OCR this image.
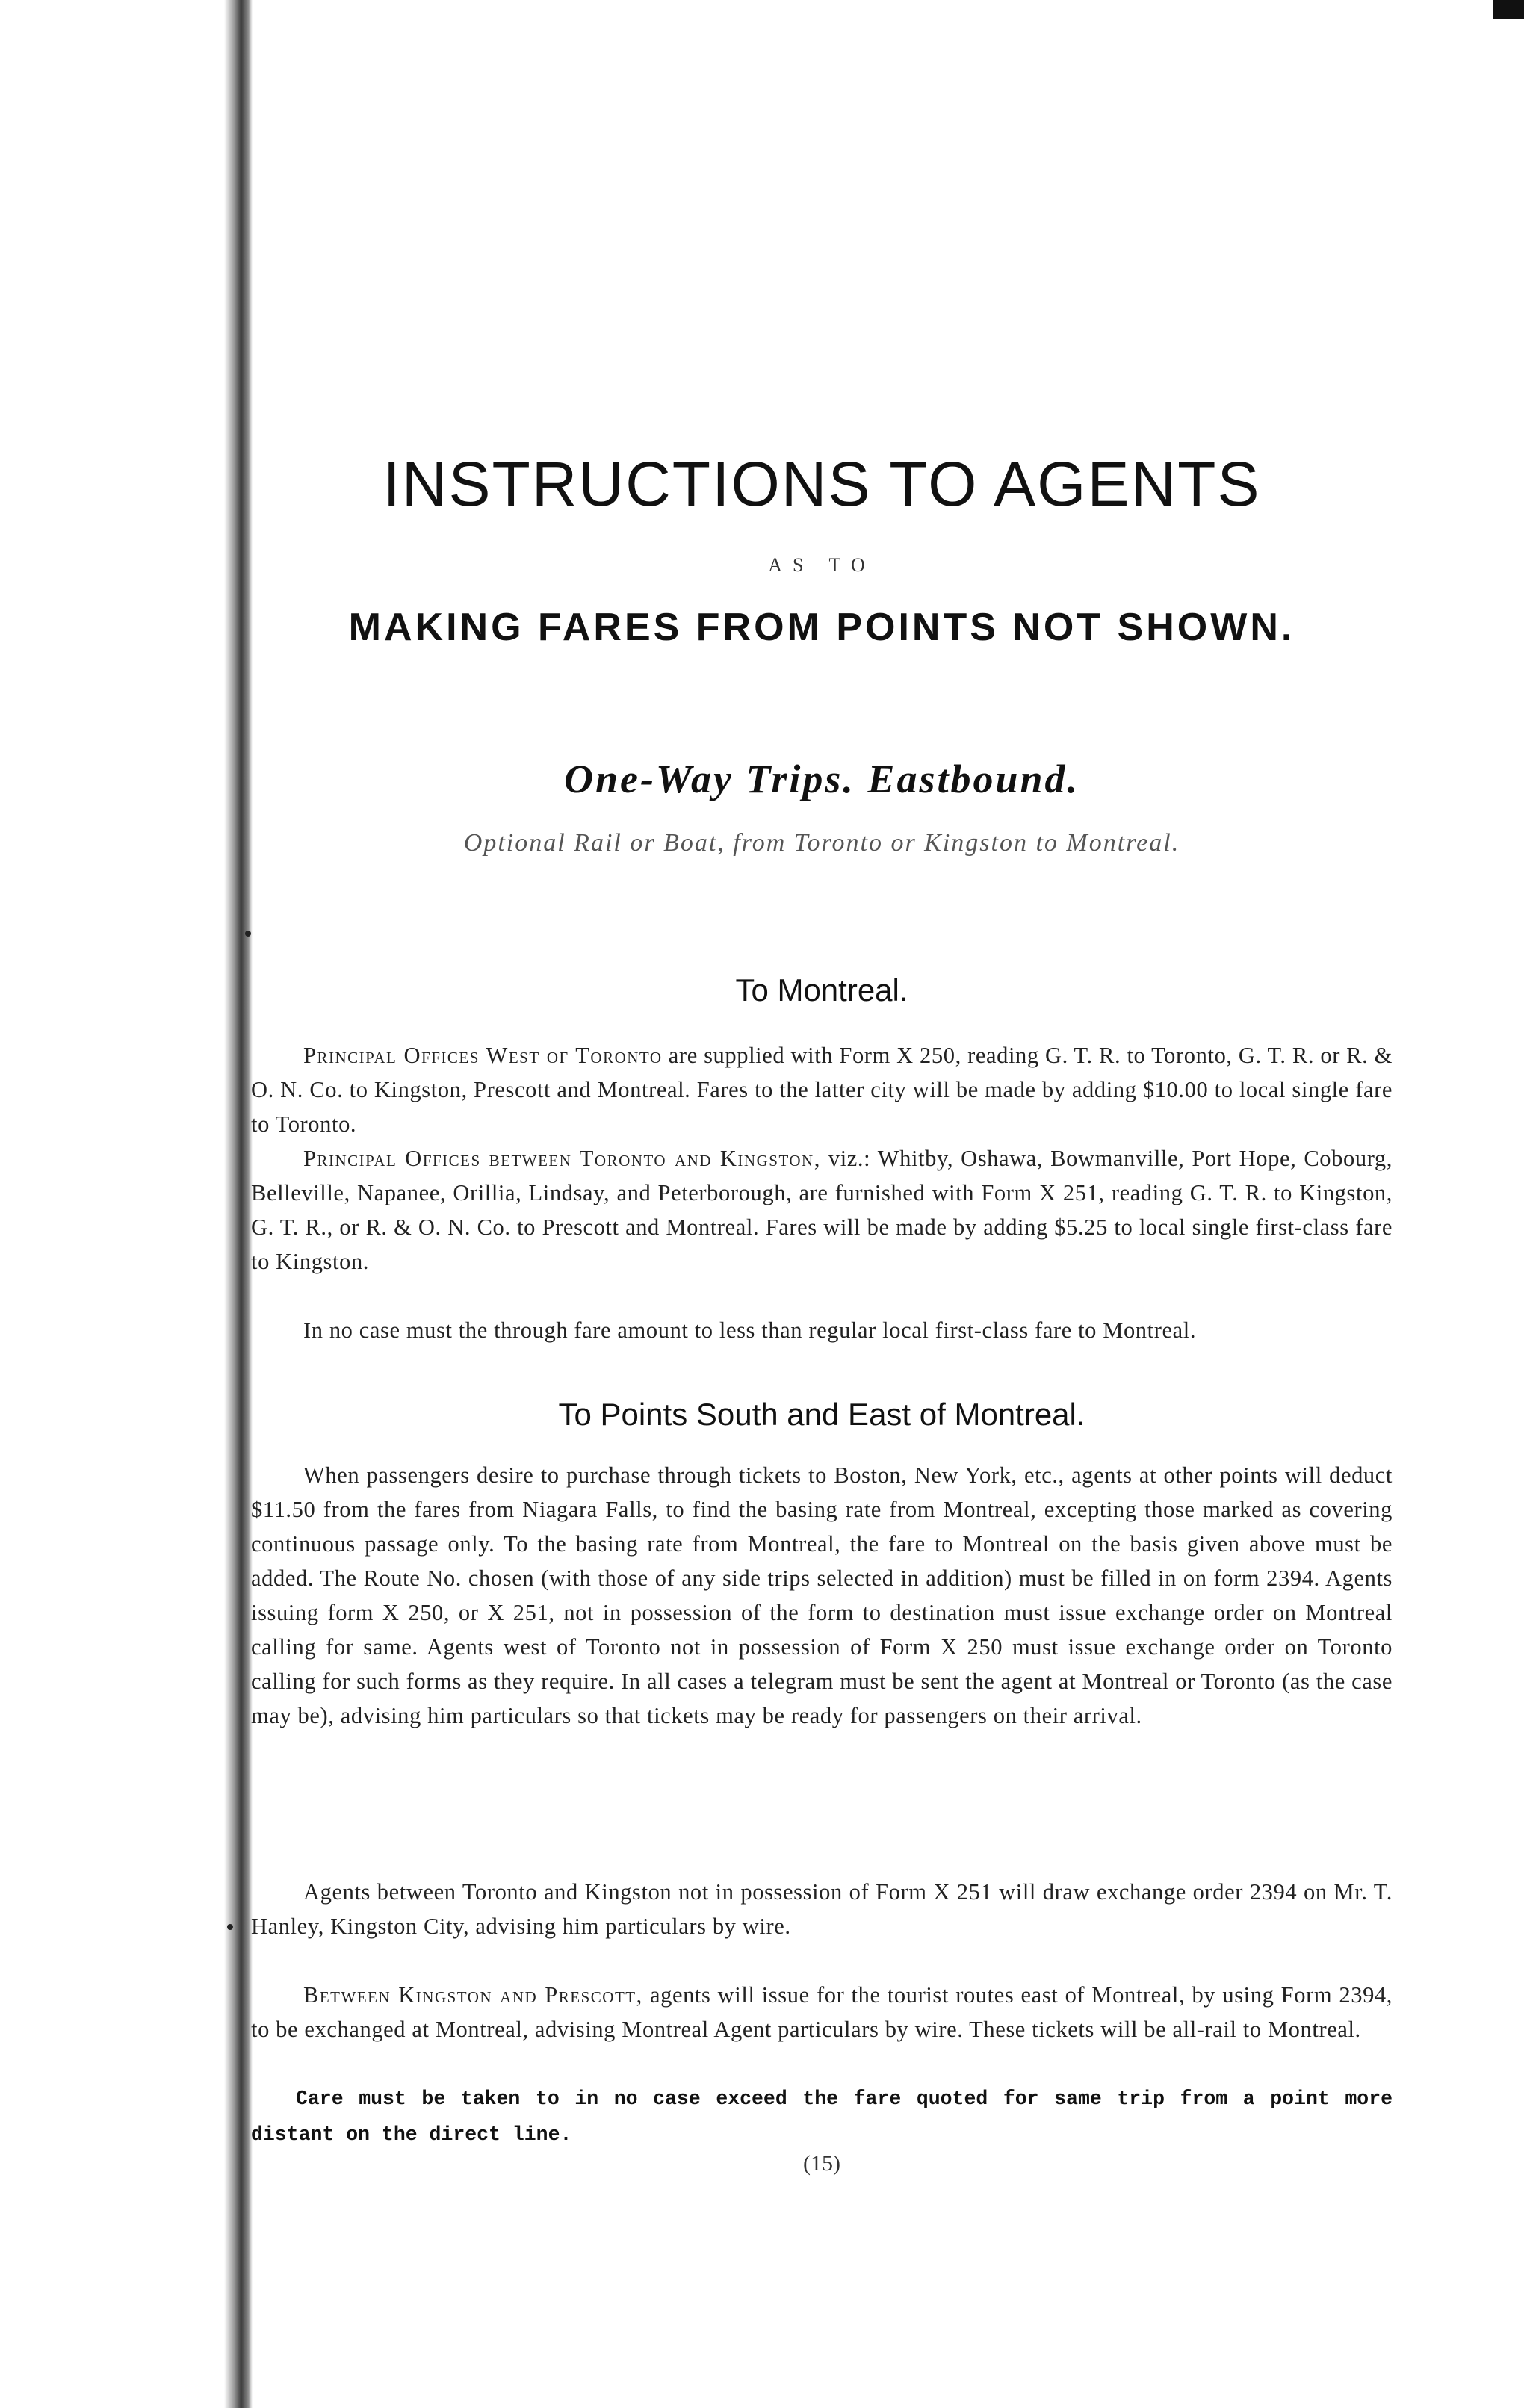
INSTRUCTIONS TO AGENTS
AS TO
MAKING FARES FROM POINTS NOT SHOWN.
One-Way Trips. Eastbound.
Optional Rail or Boat, from Toronto or Kingston to Montreal.
To Montreal.

Principal Offices West of Toronto are supplied with Form X 250, reading G. T. R. to Toronto, G. T. R. or R. & O. N. Co. to Kingston, Prescott and Montreal. Fares to the latter city will be made by adding $10.00 to local single fare to Toronto.

Principal Offices between Toronto and Kingston, viz.: Whitby, Oshawa, Bowmanville, Port Hope, Cobourg, Belleville, Napanee, Orillia, Lindsay, and Peterborough, are furnished with Form X 251, reading G. T. R. to Kingston, G. T. R., or R. & O. N. Co. to Prescott and Montreal. Fares will be made by adding $5.25 to local single first-class fare to Kingston.

In no case must the through fare amount to less than regular local first-class fare to Montreal.

To Points South and East of Montreal.

When passengers desire to purchase through tickets to Boston, New York, etc., agents at other points will deduct $11.50 from the fares from Niagara Falls, to find the basing rate from Montreal, excepting those marked as covering continuous passage only. To the basing rate from Montreal, the fare to Montreal on the basis given above must be added. The Route No. chosen (with those of any side trips selected in addition) must be filled in on form 2394. Agents issuing form X 250, or X 251, not in possession of the form to destination must issue exchange order on Montreal calling for same. Agents west of Toronto not in possession of Form X 250 must issue exchange order on Toronto calling for such forms as they require. In all cases a telegram must be sent the agent at Montreal or Toronto (as the case may be), advising him particulars so that tickets may be ready for passengers on their arrival.

Agents between Toronto and Kingston not in possession of Form X 251 will draw exchange order 2394 on Mr. T. Hanley, Kingston City, advising him particulars by wire.

Between Kingston and Prescott, agents will issue for the tourist routes east of Montreal, by using Form 2394, to be exchanged at Montreal, advising Montreal Agent particulars by wire. These tickets will be all-rail to Montreal.

Care must be taken to in no case exceed the fare quoted for same trip from a point more distant on the direct line.

(15)
